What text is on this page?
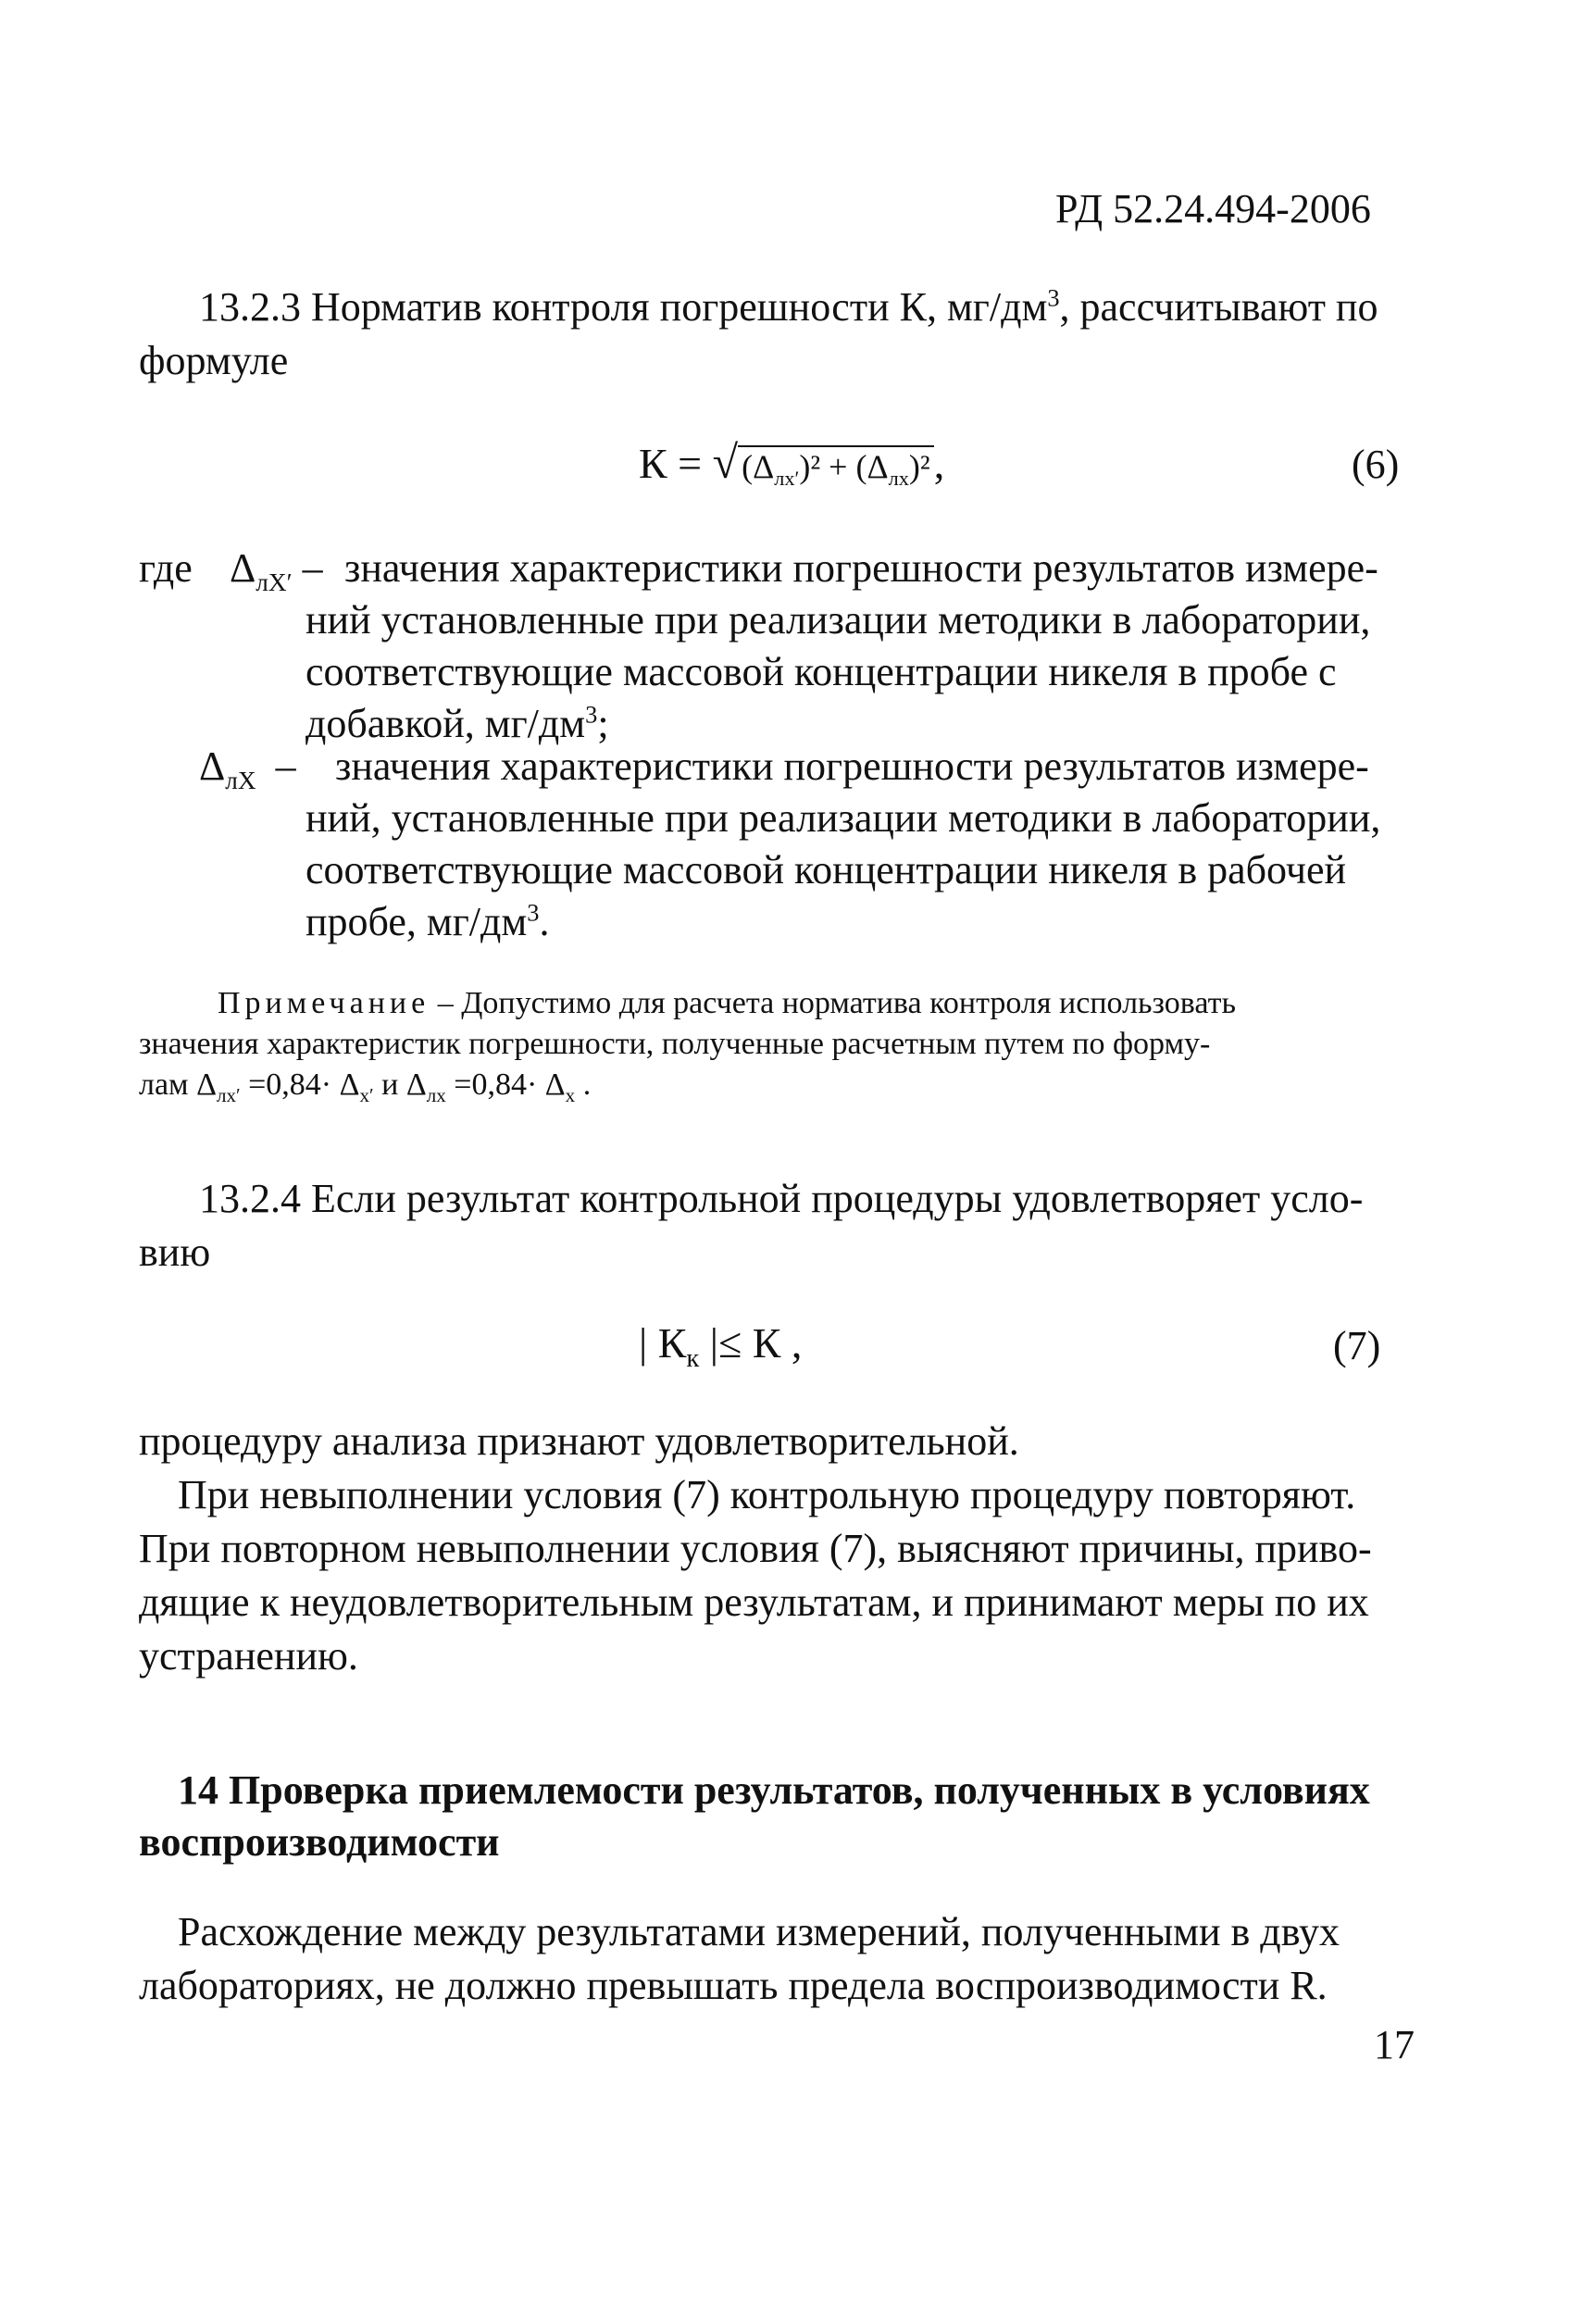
РД 52.24.494-2006
13.2.3 Норматив контроля погрешности К, $мг/дм^3$, рассчитывают по
формуле
К = √ $(\Delta_{лх'})^2 + (\Delta_{лх})^2$,	(6)
где $\Delta_{лХ'}$ – значения характеристики погрешности результатов измере-
ний установленные при реализации методики в лаборатории,
соответствующие массовой концентрации никеля в пробе с
добавкой, $мг/дм^3$;
$\Delta_{лХ}$ – значения характеристики погрешности результатов измере-
ний, установленные при реализации методики в лаборатории,
соответствующие массовой концентрации никеля в рабочей
пробе, $мг/дм^3$.
Примечание – Допустимо для расчета норматива контроля использовать
значения характеристик погрешности, полученные расчетным путем по форму-
лам $\Delta_{лх'} =0,84\cdot \Delta_{х'}$ и $\Delta_{лх} =0,84\cdot \Delta_х$ .
13.2.4 Если результат контрольной процедуры удовлетворяет усло-
вию
| $К_к$ |≤ К ,	(7)
процедуру анализа признают удовлетворительной.
При невыполнении условия (7) контрольную процедуру повторяют.
При повторном невыполнении условия (7), выясняют причины, приво-
дящие к неудовлетворительным результатам, и принимают меры по их
устранению.
14 Проверка приемлемости результатов, полученных в условиях
воспроизводимости
Расхождение между результатами измерений, полученными в двух
лабораториях, не должно превышать предела воспроизводимости R.
17
